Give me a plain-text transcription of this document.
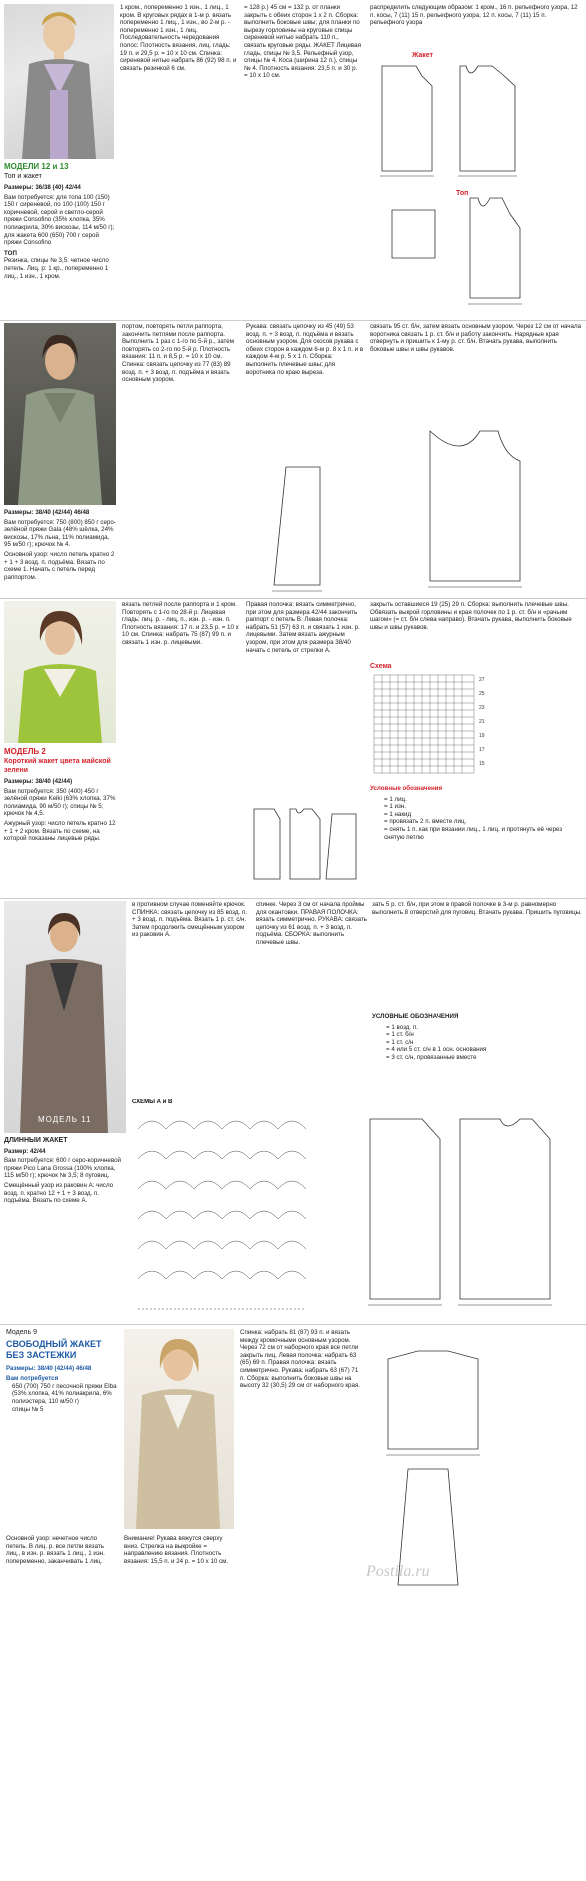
МОДЕЛИ 12 и 13
Топ и жакет
Размеры: 36/38 (40) 42/44
Вам потребуется: для топа 100 (150) 150 г сиреневой, по 100 (100) 150 г коричневой, серой и светло-серой пряжи Consofino (35% хлопка, 35% полиакрила, 30% вискозы, 114 м/50 г); для жакета 600 (650) 700 г серой пряжи Consofino
ТОП
Резинка, спицы № 3,5: четное число петель. Лиц. р: 1 кр., попеременно 1 лиц., 1 изн., 1 кром.
1 кром., попеременно 1 изн., 1 лиц., 1 кром. В круговых рядах в 1-м р. вязать попеременно 1 лиц., 1 изн., во 2-м р. - попеременно 1 изн., 1 лиц. Последовательность чередования полос: Плотность вязания, лиц. гладь: 19 п. и 29,5 р. = 10 х 10 см. Спинка: сиреневой нитью набрать 86 (92) 98 п. и связать резинкой 6 см.
= 128 р.) 45 см = 132 р. от планки закрыть с обеих сторон 1 х 2 п. Сборка: выполнить боковые швы; для планки по вырезу горловины на круговые спицы сиреневой нитью набрать 110 п., связать круговые ряды. ЖАКЕТ Лицевая гладь, спицы № 3,5. Рельефный узор, спицы № 4. Коса (ширина 12 п.), спицы № 4. Плотность вязания: 23,5 п. и 30 р. = 10 х 10 см.
распределить следующим образом: 1 кром., 16 п. рельефного узора, 12 п. косы, 7 (11) 15 п. рельефного узора, 12 п. косы, 7 (11) 15 п. рельефного узора
Жакет
Топ
Размеры: 38/40 (42/44) 46/48
Вам потребуется: 750 (800) 850 г серо-зелёной пряжи Gala (48% шёлка, 24% вискозы, 17% льна, 11% полиамида, 95 м/50 г); крючок № 4.
Основной узор: число петель кратно 2 + 1 + 3 возд. п. подъёма. Вязать по схеме 1. Начать с петель перед раппортом.
портом, повторять петли раппорта, закончить петлями после раппорта. Выполнить 1 раз с 1-го по 5-й р., затем повторять со 2-го по 5-й р. Плотность вязания: 11 п. и 8,5 р. = 10 х 10 см. Спинка: связать цепочку из 77 (83) 89 возд. п. + 3 возд. п. подъёма и вязать основным узором.
Рукава: связать цепочку из 45 (49) 53 возд. п. + 3 возд. п. подъёма и вязать основным узором. Для скосов рукава с обеих сторон в каждом 6-м р. 8 х 1 п. и в каждом 4-м р. 5 х 1 п. Сборка: выполнить плечевые швы; для воротника по краю выреза.
связать 95 ст. б/н, затем вязать основным узором. Через 12 см от начала воротника связать 1 р. ст. б/н и работу закончить. Нарядные края отвернуть и пришить к 1-му р. ст. б/н. Втачать рукава, выполнить боковые швы и швы рукавов.
МОДЕЛЬ 2
Короткий жакет цвета майской зелени
Размеры: 38/40 (42/44)
Вам потребуется: 350 (400) 450 г зелёной пряжи Keiki (63% хлопка, 37% полиамида, 90 м/50 г); спицы № 5; крючок № 4,5.
Ажурный узор: число петель кратно 12 + 1 + 2 кром. Вязать по схеме, на которой показаны лицевые ряды.
вязать петлей после раппорта и 1 кром. Повторять с 1-го по 28-й р. Лицевая гладь: лиц. р. - лиц. п., изн. р. - изн. п. Плотность вязания: 17 п. и 23,5 р. = 10 х 10 см. Спинка: набрать 75 (87) 99 п. и связать 1 изн. р. лицевыми.
Правая полочка: вязать симметрично, при этом для размера 42/44 закончить раппорт с петель В. Левая полочка: набрать 51 (57) 63 п. и связать 1 изн. р. лицевыми. Затем вязать ажурным узором, при этом для размера 38/40 начать с петель от стрелки А.
закрыть оставшиеся 19 (25) 29 п. Сборка: выполнить плечевые швы. Обвязать выкрой горловины и края полочек по 1 р. ст. б/н и «рачьим шагом» (= ст. б/н слева направо). Втачать рукава, выполнить боковые швы и швы рукавов.
Схема
27
25
23
21
19
17
15
Условные обозначения
= 1 лиц.
= 1 изн.
= 1 накид
= провязать 2 п. вместе лиц.
= снять 1 п. как при вязании лиц., 1 лиц. и протянуть её через снятую петлю
МОДЕЛЬ 11
ДЛИННЫЙ ЖАКЕТ
Размер: 42/44
Вам потребуется: 600 г серо-коричневой пряжи Pico Lana Grossa (100% хлопка, 115 м/50 г); крючок № 3,5; 8 пуговиц.
Смещённый узор из раковин А: число возд. п. кратно 12 + 1 + 3 возд. п. подъёма. Вязать по схеме А.
в противном случае поменяйте крючок. СПИНКА: связать цепочку из 85 возд. п. + 3 возд. п. подъёма. Вязать 1 р. ст. с/н. Затем продолжить смещённым узором из раковин А.
спинке. Через 3 см от начала проймы для окантовки. ПРАВАЯ ПОЛОЧКА: вязать симметрично. РУКАВА: связать цепочку из 61 возд. п. + 3 возд. п. подъёма. СБОРКА: выполнить плечевые швы.
зать 5 р. ст. б/н, при этом в правой полочке в 3-м р. равномерно выполнить 8 отверстий для пуговиц. Втачать рукава. Пришить пуговицы.
УСЛОВНЫЕ ОБОЗНАЧЕНИЯ
= 1 возд. п.
= 1 ст. б/н
= 1 ст. с/н
= 4 или 5 ст. с/н в 1 осн. основания
= 3 ст. с/н, провязанные вместе
СХЕМЫ А и В
Модель 9
СВОБОДНЫЙ ЖАКЕТ БЕЗ ЗАСТЕЖКИ
Размеры: 38/40 (42/44) 46/48
Вам потребуется
650 (700) 750 г песочной пряжи Elba (53% хлопка, 41% полиакрила, 6% полиэстера, 110 м/50 г)
спицы № 5
Основной узор: нечетное число петель. В лиц. р. все петли вязать лиц., в изн. р. вязать 1 лиц., 1 изн. попеременно, заканчивать 1 лиц.
Внимание! Рукава вяжутся сверху вниз. Стрелка на выкройке = направлению вязания. Плотность вязания: 15,5 п. и 24 р. = 10 х 10 см.
Спинка: набрать 81 (87) 93 п. и вязать между кромочными основным узором. Через 72 см от наборного края все петли закрыть лиц. Левая полочка: набрать 63 (65) 69 п. Правая полочка: вязать симметрично. Рукава: набрать 63 (67) 71 п. Сборка: выполнить боковые швы на высоту 32 (30,5) 29 см от наборного края.
Postila.ru
